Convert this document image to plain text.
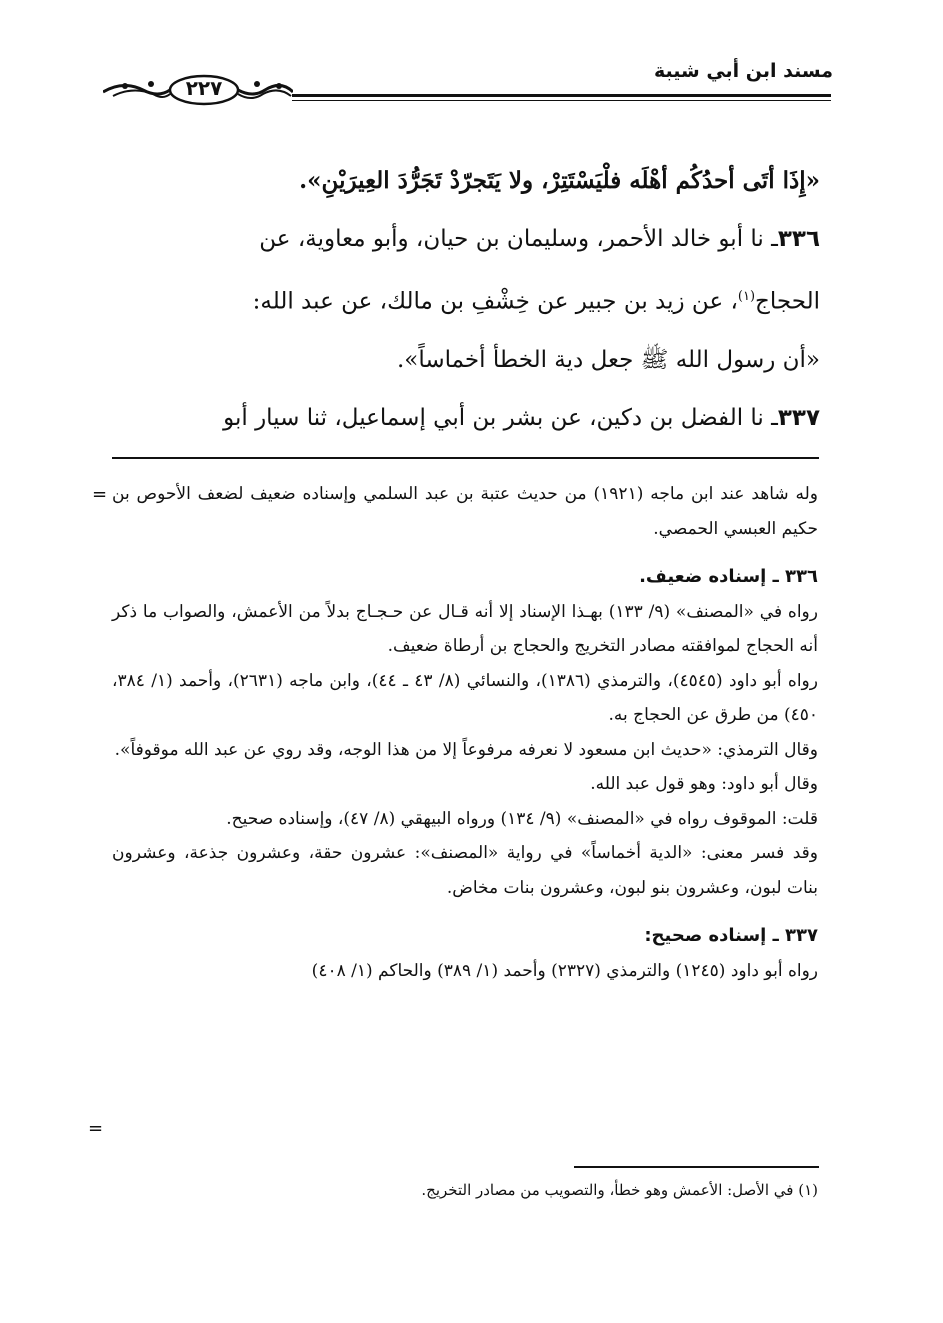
مسند ابن أبي شيبة
٢٢٧

«إِذَا أتَى أحدُكُم أهْلَه فلْيَسْتَتِرْ، ولا يَتَجرّدْ تَجَرُّدَ العِيرَيْنِ».

٣٣٦ـ نا أبو خالد الأحمر، وسليمان بن حيان، وأبو معاوية، عن

الحجاج$^{(١)}$، عن زيد بن جبير عن خِشْفِ بن مالك، عن عبد الله:

«أن رسول الله ﷺ جعل دية الخطأ أخماساً».

٣٣٧ـ نا الفضل بن دكين، عن بشر بن أبي إسماعيل، ثنا سيار أبو

= وله شاهد عند ابن ماجه (١٩٢١) من حديث عتبة بن عبد السلمي وإسناده ضعيف لضعف الأحوص بن حكيم العبسي الحمصي.

٣٣٦ ـ إسناده ضعيف.

رواه في «المصنف» (٩/ ١٣٣) بهـذا الإسناد إلا أنه قـال عن حـجـاج بدلاً من الأعمش، والصواب ما ذكر أنه الحجاج لموافقته مصادر التخريج والحجاج بن أرطاة ضعيف.

رواه أبو داود (٤٥٤٥)، والترمذي (١٣٨٦)، والنسائي (٨/ ٤٣ ـ ٤٤)، وابن ماجه (٢٦٣١)، وأحمد (١/ ٣٨٤، ٤٥٠) من طرق عن الحجاج به.

وقال الترمذي: «حديث ابن مسعود لا نعرفه مرفوعاً إلا من هذا الوجه، وقد روي عن عبد الله موقوفاً».

وقال أبو داود: وهو قول عبد الله.

قلت: الموقوف رواه في «المصنف» (٩/ ١٣٤) ورواه البيهقي (٨/ ٤٧)، وإسناده صحيح.

وقد فسر معنى: «الدية أخماساً» في رواية «المصنف»: عشرون حقة، وعشرون جذعة، وعشرون بنات لبون، وعشرون بنو لبون، وعشرون بنات مخاض.

٣٣٧ ـ إسناده صحيح:

رواه أبو داود (١٢٤٥) والترمذي (٢٣٢٧) وأحمد (١/ ٣٨٩) والحاكم (١/ ٤٠٨)

=
(١) في الأصل: الأعمش وهو خطأ، والتصويب من مصادر التخريج.
